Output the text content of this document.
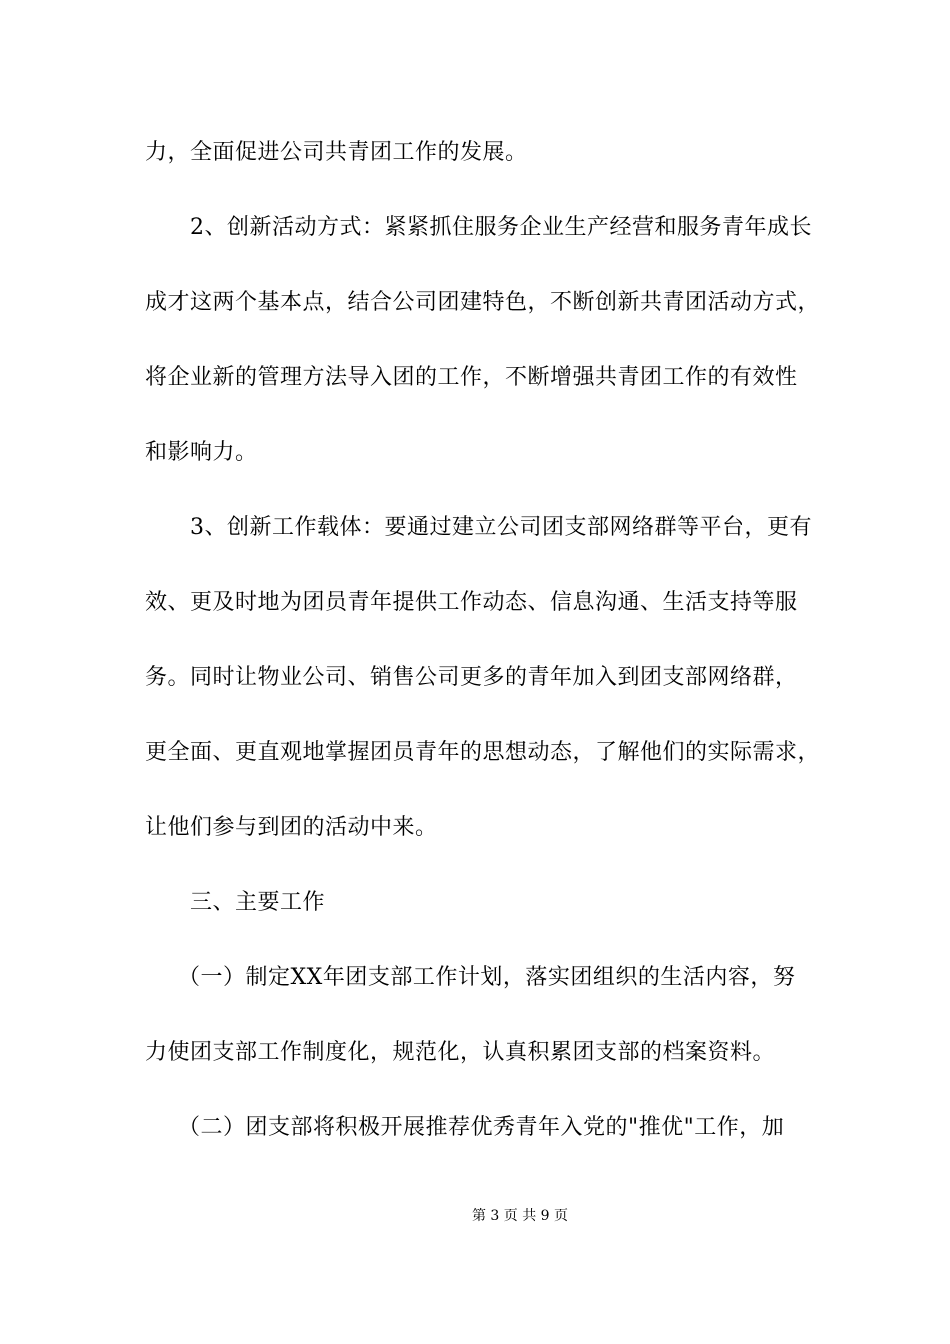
力，全面促进公司共青团工作的发展。
2、创新活动方式：紧紧抓住服务企业生产经营和服务青年成长
成才这两个基本点，结合公司团建特色，不断创新共青团活动方式，
将企业新的管理方法导入团的工作，不断增强共青团工作的有效性
和影响力。
3、创新工作载体：要通过建立公司团支部网络群等平台，更有
效、更及时地为团员青年提供工作动态、信息沟通、生活支持等服
务。同时让物业公司、销售公司更多的青年加入到团支部网络群，
更全面、更直观地掌握团员青年的思想动态，了解他们的实际需求，
让他们参与到团的活动中来。
三、主要工作
（一）制定XX年团支部工作计划，落实团组织的生活内容，努
力使团支部工作制度化，规范化，认真积累团支部的档案资料。
（二）团支部将积极开展推荐优秀青年入党的"推优"工作，加
第 3 页 共 9 页
